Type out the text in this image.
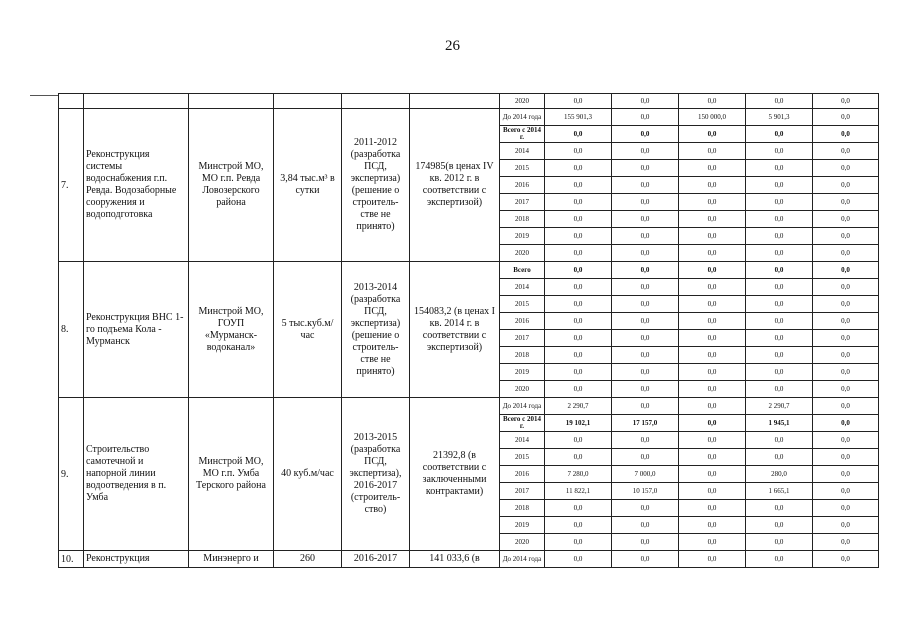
26
						2020	0,0	0,0	0,0	0,0	0,0
7.	Реконструкция системы водоснабжения г.п. Ревда. Водозаборные сооружения и водоподготовка	Минстрой МО, МО г.п. Ревда Ловозерского района	3,84 тыс.м³ в сутки	2011-2012 (разработка ПСД, экспертиза) (решение о строитель-стве не принято)	174985(в ценах IV кв. 2012 г. в соответствии с экспертизой)	До 2014 года	155 901,3	0,0	150 000,0	5 901,3	0,0
						Всего с 2014 г.	0,0	0,0	0,0	0,0	0,0
						2014	0,0	0,0	0,0	0,0	0,0
						2015	0,0	0,0	0,0	0,0	0,0
						2016	0,0	0,0	0,0	0,0	0,0
						2017	0,0	0,0	0,0	0,0	0,0
						2018	0,0	0,0	0,0	0,0	0,0
						2019	0,0	0,0	0,0	0,0	0,0
						2020	0,0	0,0	0,0	0,0	0,0
8.	Реконструкция ВНС 1-го подъема Кола - Мурманск	Минстрой МО, ГОУП «Мурманск-водоканал»	5 тыс.куб.м/час	2013-2014 (разработка ПСД, экспертиза) (решение о строитель-стве не принято)	154083,2 (в ценах I кв. 2014 г. в соответствии с экспертизой)	Всего	0,0	0,0	0,0	0,0	0,0
						2014	0,0	0,0	0,0	0,0	0,0
						2015	0,0	0,0	0,0	0,0	0,0
						2016	0,0	0,0	0,0	0,0	0,0
						2017	0,0	0,0	0,0	0,0	0,0
						2018	0,0	0,0	0,0	0,0	0,0
						2019	0,0	0,0	0,0	0,0	0,0
						2020	0,0	0,0	0,0	0,0	0,0
9.	Строительство самотечной и напорной линии водоотведения в п. Умба	Минстрой МО, МО г.п. Умба Терского района	40 куб.м/час	2013-2015 (разработка ПСД, экспертиза), 2016-2017 (строитель-ство)	21392,8 (в соответствии с заключенными контрактами)	До 2014 года	2 290,7	0,0	0,0	2 290,7	0,0
						Всего с 2014 г.	19 102,1	17 157,0	0,0	1 945,1	0,0
						2014	0,0	0,0	0,0	0,0	0,0
						2015	0,0	0,0	0,0	0,0	0,0
						2016	7 280,0	7 000,0	0,0	280,0	0,0
						2017	11 822,1	10 157,0	0,0	1 665,1	0,0
						2018	0,0	0,0	0,0	0,0	0,0
						2019	0,0	0,0	0,0	0,0	0,0
						2020	0,0	0,0	0,0	0,0	0,0
10.	Реконструкция	Минэнерго и	260	2016-2017	141 033,6 (в	До 2014 года	0,0	0,0	0,0	0,0	0,0
